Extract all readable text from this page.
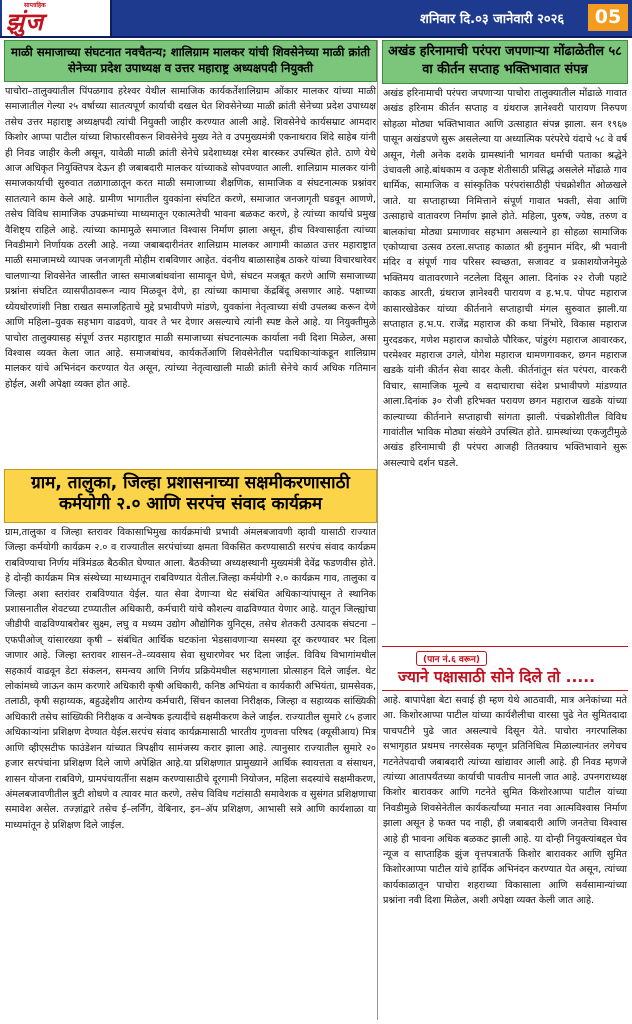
साप्ताहिक
झुंज	शनिवार दि.०३ जानेवारी २०२६	05
माळी समाजाच्या संघटनात नवचैतन्य; शालिग्राम मालकर यांची शिवसेनेच्या माळी क्रांती सेनेच्या प्रदेश उपाध्यक्ष व उत्तर महाराष्ट्र अध्यक्षपदी नियुक्ती

पाचोरा–तालुक्यातील पिंपळगाव हरेश्वर येथील सामाजिक कार्यकर्तेशालिग्राम ओंकार मालकर यांच्या माळी समाजातील गेल्या २५ वर्षाच्या सातत्यपूर्ण कार्याची दखल घेत शिवसेनेच्या माळी क्रांती सेनेच्या प्रदेश उपाध्यक्ष तसेच उत्तर महाराष्ट्र अध्यक्षपदी त्यांची नियुक्ती जाहीर करण्यात आली आहे. शिवसेनेचे कार्यसम्राट आमदार किशोर आप्पा पाटील यांच्या शिफारसीवरून शिवसेनेचे मुख्य नेते व उपमुख्यमंत्री एकनाथराव शिंदे साहेब यांनी ही निवड जाहीर केली असून, यावेळी माळी क्रांती सेनेचे प्रदेशाध्यक्ष रमेश बारस्कर उपस्थित होते. ठाणे येथे आज अधिकृत नियुक्तिपत्र देऊन ही जबाबदारी मालकर यांच्याकडे सोपवण्यात आली. शालिग्राम मालकर यांनी समाजकार्याची सुरुवात तळागाळातून करत माळी समाजाच्या शैक्षणिक, सामाजिक व संघटनात्मक प्रश्नांवर सातत्याने काम केले आहे. ग्रामीण भागातील युवकांना संघटित करणे, समाजात जनजागृती घडवून आणणे, तसेच विविध सामाजिक उपक्रमांच्या माध्यमातून एकात्मतेची भावना बळकट करणे, हे त्यांच्या कार्याचे प्रमुख वैशिष्ट्य राहिले आहे. त्यांच्या कामामुळे समाजात विश्वास निर्माण झाला असून, हीच विश्वासार्हता त्यांच्या निवडीमागे निर्णायक ठरली आहे. नव्या जबाबदारीनंतर शालिग्राम मालकर आगामी काळात उत्तर महाराष्ट्रात माळी समाजामध्ये व्यापक जनजागृती मोहीम राबविणार आहेत. वंदनीय बाळासाहेब ठाकरे यांच्या विचारधारेवर चालणाऱ्या शिवसेनेत जास्तीत जास्त समाजबांधवांना सामावून घेणे, संघटन मजबूत करणे आणि समाजाच्या प्रश्नांना संघटित व्यासपीठावरून न्याय मिळवून देणे, हा त्यांच्या कामाचा केंद्रबिंदू असणार आहे. पक्षाच्या ध्येयधोरणांशी निष्ठा राखत समाजहिताचे मुद्दे प्रभावीपणे मांडणे, युवकांना नेतृत्वाच्या संधी उपलब्ध करून देणे आणि महिला–युवक सहभाग वाढवणे, यावर ते भर देणार असल्याचे त्यांनी स्पष्ट केले आहे. या नियुक्तीमुळे पाचोरा तालुक्यासह संपूर्ण उत्तर महाराष्ट्रात माळी समाजाच्या संघटनात्मक कार्याला नवी दिशा मिळेल, असा विश्वास व्यक्त केला जात आहे. समाजबांधव, कार्यकर्तेआणि शिवसेनेतील पदाधिकाऱ्यांकडून शालिग्राम मालकर यांचे अभिनंदन करण्यात येत असून, त्यांच्या नेतृत्वाखाली माळी क्रांती सेनेचे कार्य अधिक गतिमान होईल, अशी अपेक्षा व्यक्त होत आहे.

ग्राम, तालुका, जिल्हा प्रशासनाच्या सक्षमीकरणासाठी कर्मयोगी २.० आणि सरपंच संवाद कार्यक्रम

ग्राम,तालुका व जिल्हा स्तरावर विकासाभिमुख कार्यक्रमांची प्रभावी अंमलबजावणी व्हावी यासाठी राज्यात जिल्हा कर्मयोगी कार्यक्रम २.० व राज्यातील सरपंचांच्या क्षमता विकसित करण्यासाठी सरपंच संवाद कार्यक्रम राबविण्याचा निर्णय मंत्रिमंडळ बैठकीत घेण्यात आला. बैठकीच्या अध्यक्षस्थानी मुख्यमंत्री देवेंद्र फडणवीस होते. हे दोन्ही कार्यक्रम मित्र संस्थेच्या माध्यमातून राबविण्यात येतील.जिल्हा कर्मयोगी २.० कार्यक्रम गाव, तालुका व जिल्हा अशा स्तरांवर राबविण्यात येईल. यात सेवा देणाऱ्या थेट संबंधित अधिकाऱ्यांपासून ते स्थानिक प्रशासनातील शेवटच्या टप्प्यातील अधिकारी, कर्मचारी यांचे कौशल्य वाढविण्यात येणार आहे. यातून जिल्ह्यांचा जीडीपी वाढविण्याबरोबर सुक्ष्म, लघु व मध्यम उद्योग औद्योगिक युनिट्स, तसेच शेतकरी उत्पादक संघटना – एफपीओज् यांसारख्या कृषी – संबंधित आर्थिक घटकांना भेडसावणाऱ्या समस्या दूर करण्यावर भर दिला जाणार आहे. जिल्हा स्तरावर शासन–ते–व्यवसाय सेवा सुधारणेवर भर दिला जाईल. विविध विभागांमधील सहकार्य वाढवून डेटा संकलन, समन्वय आणि निर्णय प्रक्रियेमधील सहभागाला प्रोत्साहन दिले जाईल. थेट लोकांमध्ये जाऊन काम करणारे अधिकारी कृषी अधिकारी, कनिष्ठ अभियंता व कार्यकारी अभियंता, ग्रामसेवक, तलाठी, कृषी सहाय्यक, बहुउद्देशीय आरोग्य कर्मचारी, सिंचन कालवा निरीक्षक, जिल्हा व सहाय्यक सांख्यिकी अधिकारी तसेच सांख्यिकी निरीक्षक व अन्वेषक इत्यादींचे सक्षमीकरण केले जाईल. राज्यातील सुमारे ८५ हजार अधिकाऱ्यांना प्रशिक्षण देण्यात येईल.सरपंच संवाद कार्यक्रमासाठी भारतीय गुणवत्ता परिषद (क्यूसीआय) मित्र आणि व्हीएसटीफ फाउंडेशन यांच्यात त्रिपक्षीय सामंजस्य करार झाला आहे. त्यानुसार राज्यातील सुमारे २० हजार सरपंचांना प्रशिक्षण दिले जाणे अपेक्षित आहे.या प्रशिक्षणात प्रामुख्याने आर्थिक स्वायत्तता व संसाधन, शासन योजना राबविणे, ग्रामपंचायतींना सक्षम करण्यासाठीचे दूरगामी नियोजन, महिला सदस्यांचे सक्षमीकरण, अंमलबजावणीतील त्रुटी शोधणे व त्यावर मात करणे, तसेच विविध गटांसाठी समावेशक व सुसंगत प्रशिक्षणाचा समावेश असेल. तज्ज्ञांद्वारे तसेच ई–लर्निंग, वेबिनार, इन–ॲप प्रशिक्षण, आभासी सत्रे आणि कार्यशाळा या माध्यमांतून हे प्रशिक्षण दिले जाईल.

अखंड हरिनामाची परंपरा जपणाऱ्या मोंढाळेतील ५८ वा कीर्तन सप्ताह भक्तिभावात संपन्न

अखंड हरिनामाची परंपरा जपणाऱ्या पाचोरा तालुक्यातील मोंढाळे गावात अखंड हरिनाम कीर्तन सप्ताह व ग्रंथराज ज्ञानेश्वरी पारायण निरुपण सोहळा मोठ्या भक्तिभावात आणि उत्साहात संपन्न झाला. सन १९६७ पासून अखंडपणे सुरू असलेल्या या अध्यात्मिक परंपरेचे यंदाचे ५८ वे वर्ष असून, गेली अनेक दशके ग्रामस्थांनी भागवत धर्माची पताका श्रद्धेने उंचावली आहे.बांधकाम व उत्कृष्ट शेतीसाठी प्रसिद्ध असलेले मोंढाळे गाव धार्मिक, सामाजिक व सांस्कृतिक परंपरांसाठीही पंचक्रोशीत ओळखले जाते. या सप्ताहाच्या निमित्ताने संपूर्ण गावात भक्ती, सेवा आणि उत्साहाचे वातावरण निर्माण झाले होते. महिला, पुरुष, ज्येष्ठ, तरुण व बालकांचा मोठ्या प्रमाणावर सहभाग असल्याने हा सोहळा सामाजिक एकोप्याचा उत्सव ठरला.सप्ताह काळात श्री हनुमान मंदिर, श्री भवानी मंदिर व संपूर्ण गाव परिसर स्वच्छता, सजावट व प्रकाशयोजनेमुळे भक्तिमय वातावरणाने नटलेला दिसून आला. दिनांक २२ रोजी पहाटे काकड आरती, ग्रंथराज ज्ञानेश्वरी पारायण व ह.भ.प. पोपट महाराज कासारखेडेकर यांच्या कीर्तनाने सप्ताहाची मंगल सुरुवात झाली.या सप्ताहात ह.भ.प. राजेंद्र महाराज की कथा निंभोरे, विकास महाराज मुरदडकर, गणेश महाराज काचोळे पौरिकर, पांडुरंग महाराज आवारकर, परमेश्वर महाराज उगले, योगेश महाराज धामणगावकर, छगन महाराज खडके यांनी कीर्तन सेवा सादर केली. कीर्तनांतून संत परंपरा, वारकरी विचार, सामाजिक मूल्ये व सदाचाराचा संदेश प्रभावीपणे मांडण्यात आला.दिनांक ३० रोजी हरिभक्त परायण छगन महाराज खडके यांच्या काल्याच्या कीर्तनाने सप्ताहाची सांगता झाली. पंचक्रोशीतील विविध गावांतील भाविक मोठ्या संख्येने उपस्थित होते. ग्रामस्थांच्या एकजुटीमुळे अखंड हरिनामाची ही परंपरा आजही तितक्याच भक्तिभावाने सुरू असल्याचे दर्शन घडले.

(पान नं.६ वरून)
ज्याने पक्षासाठी सोने दिले तो .....

आहे. बापापेक्षा बेटा सवाई ही म्हण येथे आठवावी, मात्र अनेकांच्या मते आ. किशोरआप्पा पाटील यांच्या कार्यशैलीचा वारसा पुढे नेत सुमितदादा पाचपटीने पुढे जात असल्याचे दिसून येते. पाचोरा नगरपालिका सभागृहात प्रथमच नगरसेवक म्हणून प्रतिनिधित्व मिळाल्यानंतर लगेचच गटनेतेपदाची जबाबदारी त्यांच्या खांद्यावर आली आहे. ही निवड म्हणजे त्यांच्या आतापर्यंतच्या कार्याची पावतीच मानली जात आहे. उपनगराध्यक्ष किशोर बारावकर आणि गटनेते सुमित किशोरआप्पा पाटील यांच्या निवडीमुळे शिवसेनेतील कार्यकर्त्यांच्या मनात नवा आत्मविश्वास निर्माण झाला असून हे फक्त पद नाही, ही जबाबदारी आणि जनतेचा विश्वास आहे ही भावना अधिक बळकट झाली आहे. या दोन्ही नियुक्त्यांबद्दल घेव न्यूज व साप्ताहिक झुंज वृत्तपत्रातर्फे किशोर बारावकर आणि सुमित किशोरआप्पा पाटील यांचे हार्दिक अभिनंदन करण्यात येत असून, त्यांच्या कार्यकाळातून पाचोरा शहराच्या विकासाला आणि सर्वसामान्यांच्या प्रश्नांना नवी दिशा मिळेल, अशी अपेक्षा व्यक्त केली जात आहे.
